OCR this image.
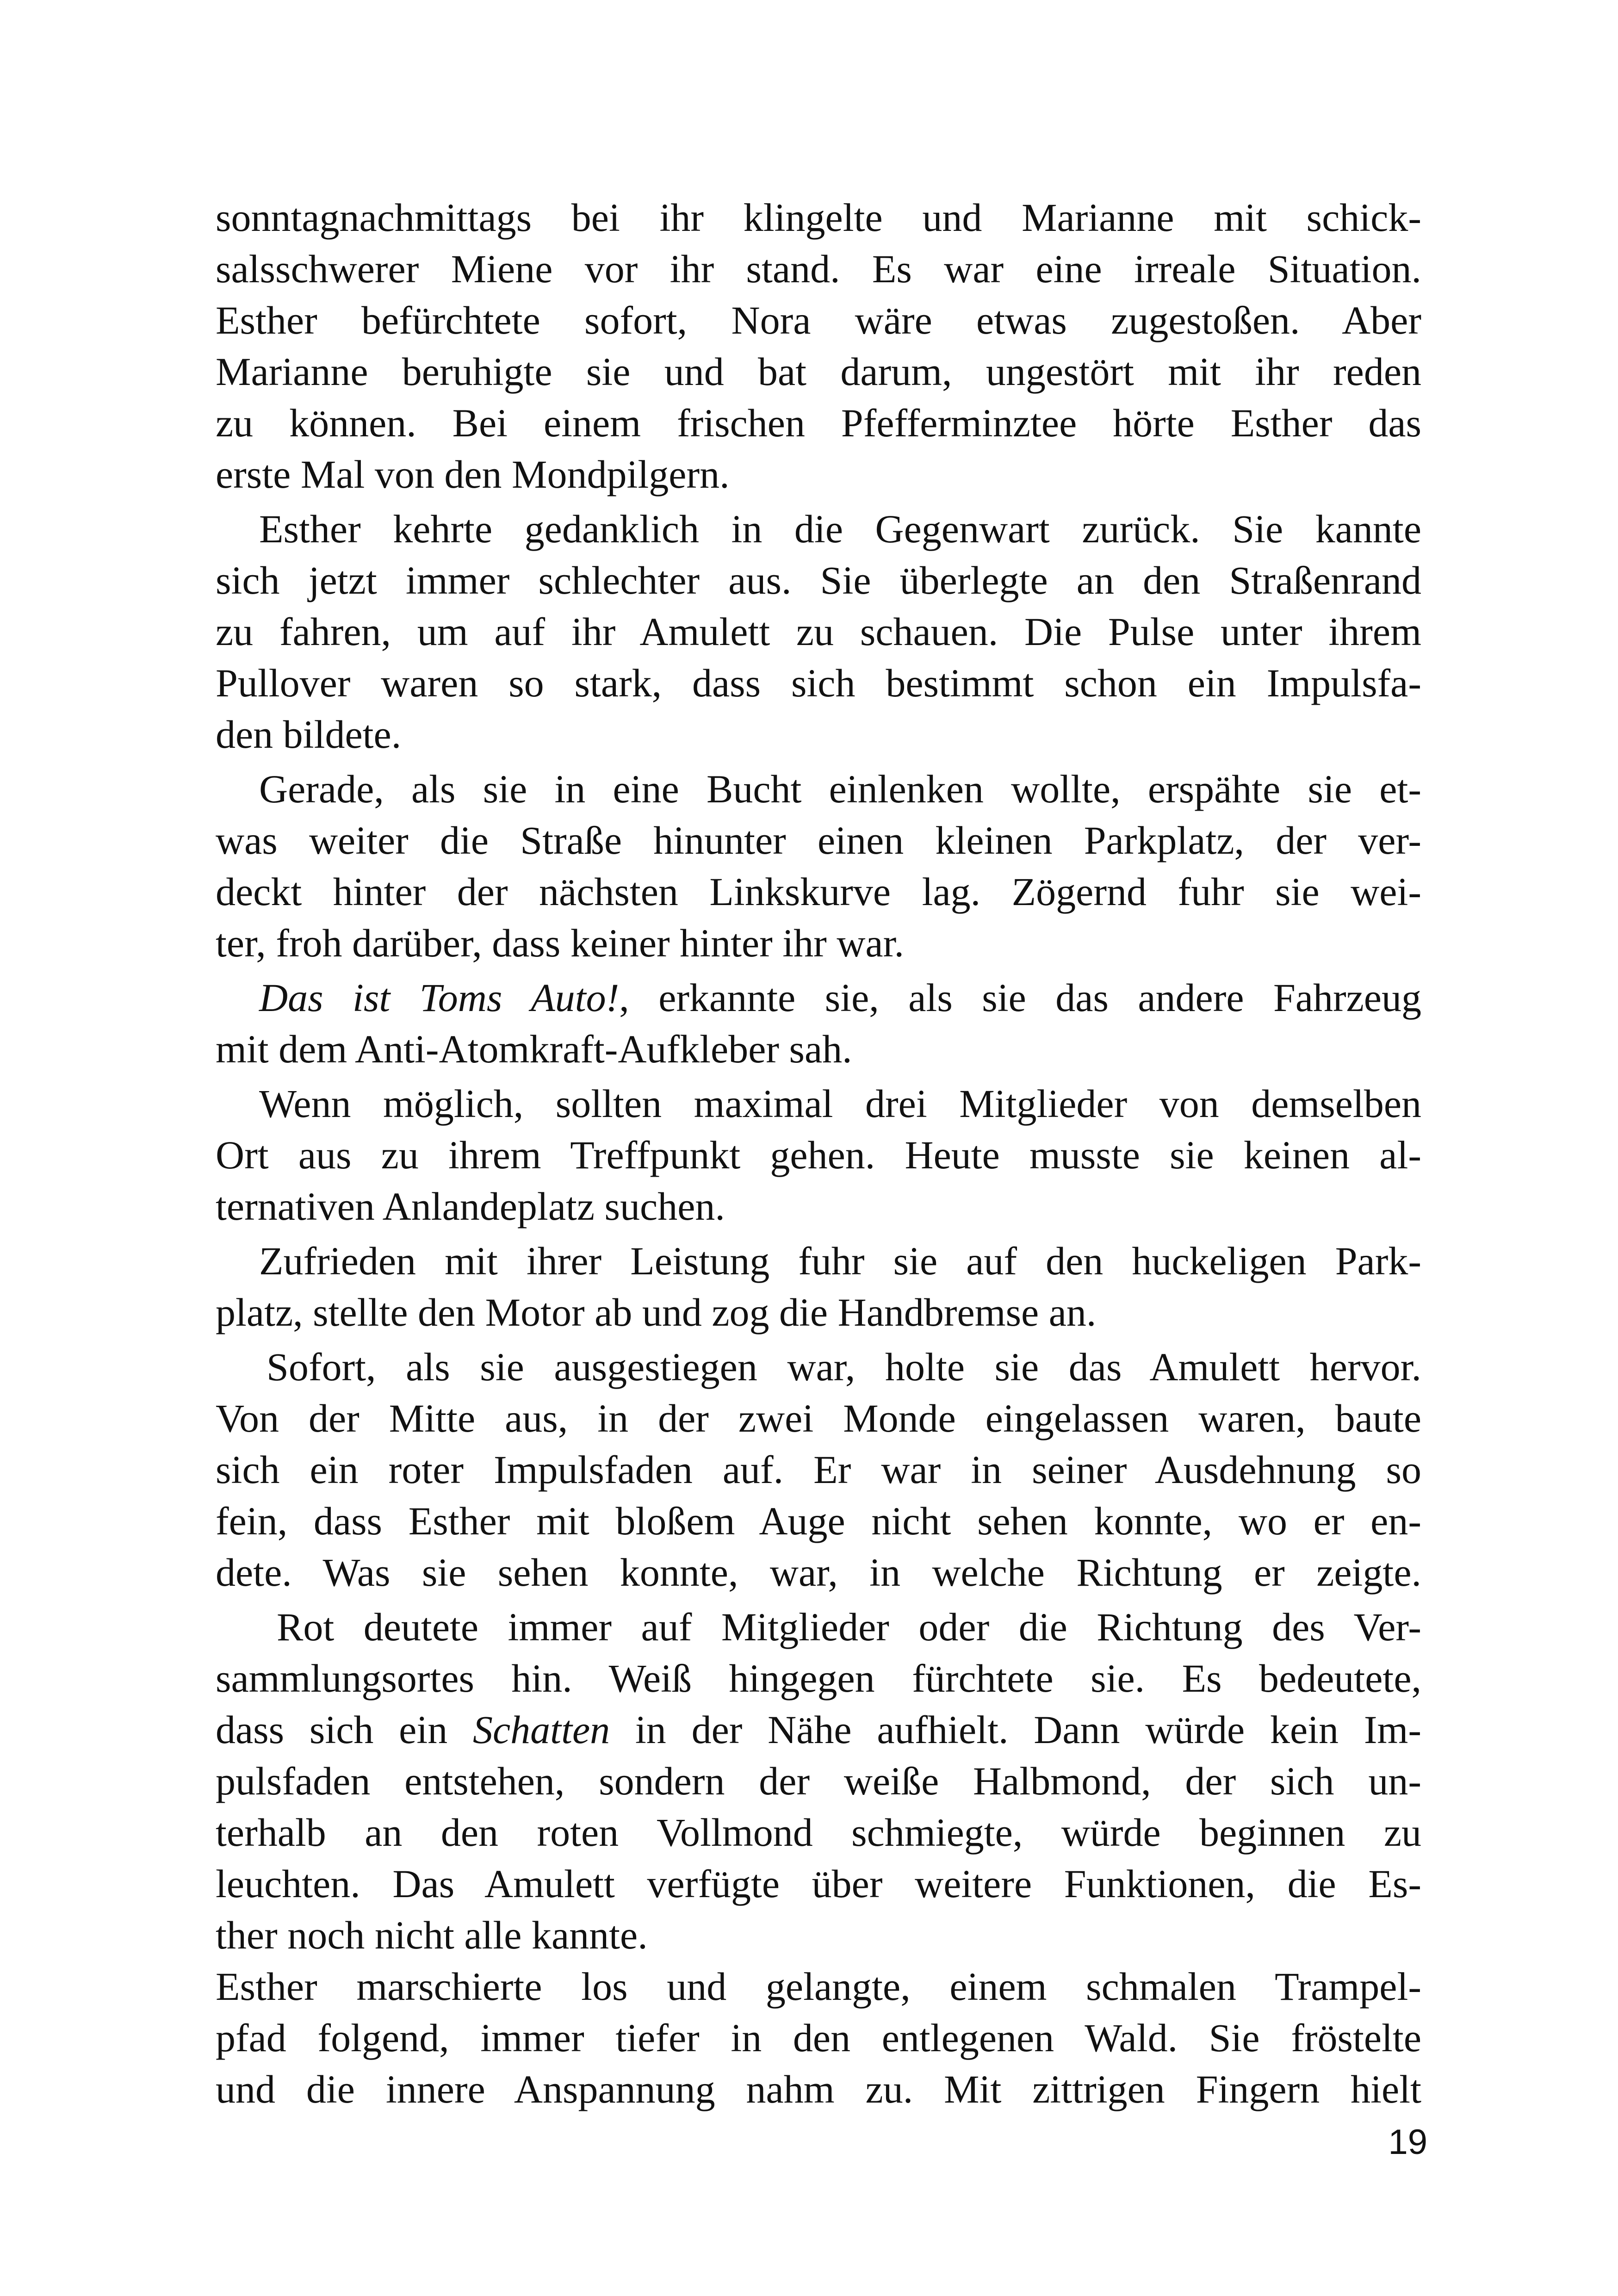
sonntagnachmittags bei ihr klingelte und Marianne mit schick-
salsschwerer Miene vor ihr stand. Es war eine irreale Situation.
Esther befürchtete sofort, Nora wäre etwas zugestoßen. Aber
Marianne beruhigte sie und bat darum, ungestört mit ihr reden
zu können. Bei einem frischen Pfefferminztee hörte Esther das
erste Mal von den Mondpilgern.
Esther kehrte gedanklich in die Gegenwart zurück. Sie kannte
sich jetzt immer schlechter aus. Sie überlegte an den Straßenrand
zu fahren, um auf ihr Amulett zu schauen. Die Pulse unter ihrem
Pullover waren so stark, dass sich bestimmt schon ein Impulsfa-
den bildete.
Gerade, als sie in eine Bucht einlenken wollte, erspähte sie et-
was weiter die Straße hinunter einen kleinen Parkplatz, der ver-
deckt hinter der nächsten Linkskurve lag. Zögernd fuhr sie wei-
ter, froh darüber, dass keiner hinter ihr war.
Das ist Toms Auto!, erkannte sie, als sie das andere Fahrzeug
mit dem Anti-Atomkraft-Aufkleber sah.
Wenn möglich, sollten maximal drei Mitglieder von demselben
Ort aus zu ihrem Treffpunkt gehen. Heute musste sie keinen al-
ternativen Anlandeplatz suchen.
Zufrieden mit ihrer Leistung fuhr sie auf den huckeligen Park-
platz, stellte den Motor ab und zog die Handbremse an.
Sofort, als sie ausgestiegen war, holte sie das Amulett hervor.
Von der Mitte aus, in der zwei Monde eingelassen waren, baute
sich ein roter Impulsfaden auf. Er war in seiner Ausdehnung so
fein, dass Esther mit bloßem Auge nicht sehen konnte, wo er en-
dete. Was sie sehen konnte, war, in welche Richtung er zeigte.
Rot deutete immer auf Mitglieder oder die Richtung des Ver-
sammlungsortes hin. Weiß hingegen fürchtete sie. Es bedeutete,
dass sich ein Schatten in der Nähe aufhielt. Dann würde kein Im-
pulsfaden entstehen, sondern der weiße Halbmond, der sich un-
terhalb an den roten Vollmond schmiegte, würde beginnen zu
leuchten. Das Amulett verfügte über weitere Funktionen, die Es-
ther noch nicht alle kannte.
Esther marschierte los und gelangte, einem schmalen Trampel-
pfad folgend, immer tiefer in den entlegenen Wald. Sie fröstelte
und die innere Anspannung nahm zu. Mit zittrigen Fingern hielt
19
